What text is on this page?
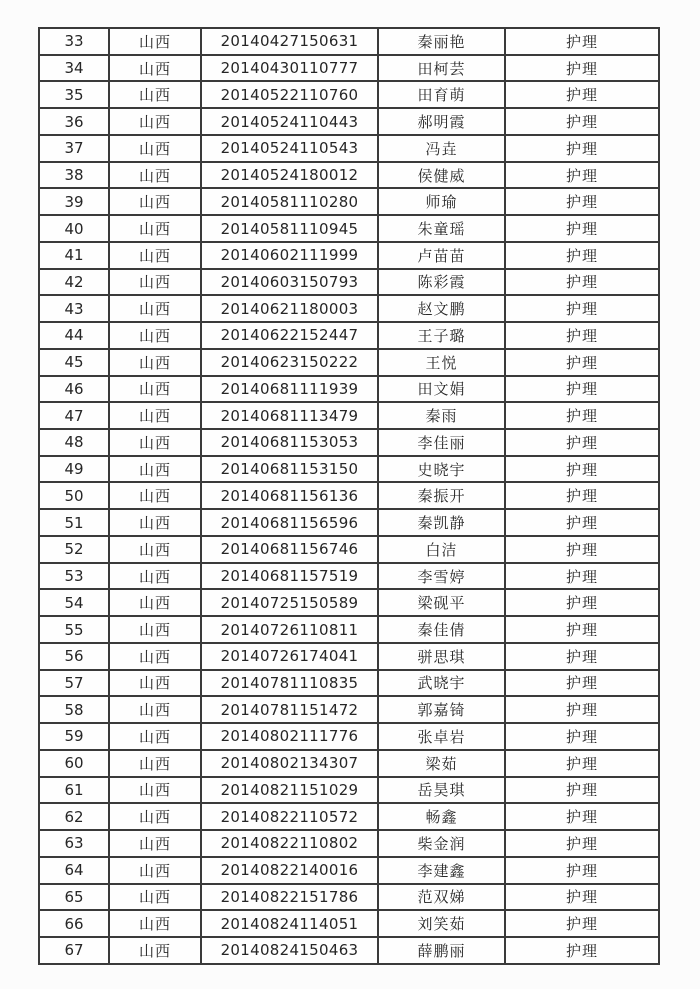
33	山西	20140427150631	秦丽艳	护理
34	山西	20140430110777	田柯芸	护理
35	山西	20140522110760	田育萌	护理
36	山西	20140524110443	郝明霞	护理
37	山西	20140524110543	冯垚	护理
38	山西	20140524180012	侯健威	护理
39	山西	20140581110280	师瑜	护理
40	山西	20140581110945	朱童瑶	护理
41	山西	20140602111999	卢苗苗	护理
42	山西	20140603150793	陈彩霞	护理
43	山西	20140621180003	赵文鹏	护理
44	山西	20140622152447	王子璐	护理
45	山西	20140623150222	王悦	护理
46	山西	20140681111939	田文娟	护理
47	山西	20140681113479	秦雨	护理
48	山西	20140681153053	李佳丽	护理
49	山西	20140681153150	史晓宇	护理
50	山西	20140681156136	秦振开	护理
51	山西	20140681156596	秦凯静	护理
52	山西	20140681156746	白洁	护理
53	山西	20140681157519	李雪婷	护理
54	山西	20140725150589	梁砚平	护理
55	山西	20140726110811	秦佳倩	护理
56	山西	20140726174041	骈思琪	护理
57	山西	20140781110835	武晓宇	护理
58	山西	20140781151472	郭嘉锜	护理
59	山西	20140802111776	张卓岩	护理
60	山西	20140802134307	梁茹	护理
61	山西	20140821151029	岳昊琪	护理
62	山西	20140822110572	畅鑫	护理
63	山西	20140822110802	柴金润	护理
64	山西	20140822140016	李建鑫	护理
65	山西	20140822151786	范双娣	护理
66	山西	20140824114051	刘笑茹	护理
67	山西	20140824150463	薛鹏丽	护理
